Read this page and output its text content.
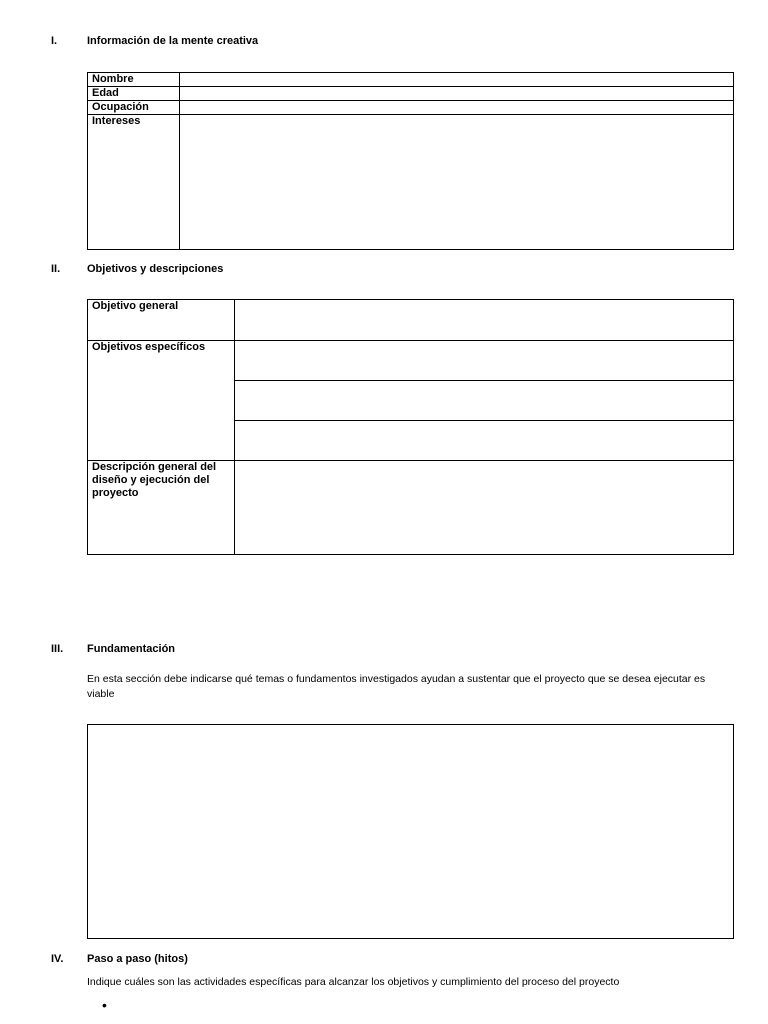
I.	Información de la mente creativa
Nombre	
Edad	
Ocupación	
Intereses	
II. Objetivos y descripciones
Objetivo general	
Objetivos específicos	

Descripción general del diseño y ejecución del proyecto	
III. Fundamentación
En esta sección debe indicarse qué temas o fundamentos investigados ayudan a sustentar que el proyecto que se desea ejecutar es viable
IV. Paso a paso (hitos)
Indique cuáles son las actividades específicas para alcanzar los objetivos y cumplimiento del proceso del proyecto
•
